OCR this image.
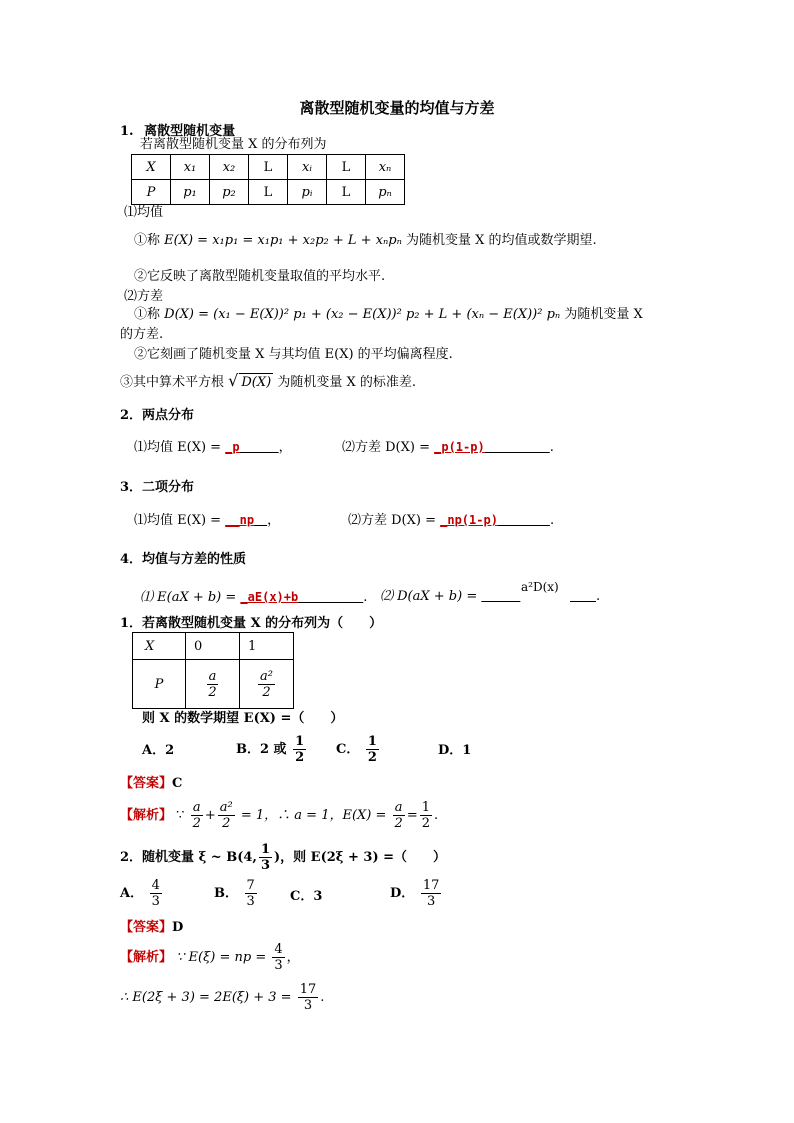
离散型随机变量的均值与方差
1. 离散型随机变量
若离散型随机变量 X 的分布列为
X	x₁	x₂	L	xᵢ	L	xₙ
P	p₁	p₂	L	pᵢ	L	pₙ
⑴均值
①称 E(X) = x₁p₁ = x₁p₁ + x₂p₂ + L + xₙpₙ 为随机变量 X 的均值或数学期望.
②它反映了离散型随机变量取值的平均水平.
⑵方差
①称 D(X) = (x₁ − E(X))² p₁ + (x₂ − E(X))² p₂ + L + (xₙ − E(X))² pₙ 为随机变量 X
的方差.
②它刻画了随机变量 X 与其均值 E(X) 的平均偏离程度.
③其中算术平方根 √ D(X) 为随机变量 X 的标准差.
2．两点分布
⑴均值 E(X) = _p​　　　，	⑵方差 D(X) = _p(1-p)​　　　　　.
3．二项分布
⑴均值 E(X) = __np​　，	⑵方差 D(X) = _np(1-p)​　　　　.
4．均值与方差的性质
⑴ E(aX + b) = _aE(x)+b​　　　　　. ⑵ D(aX + b) = ​　　　
a²D(x)
​　　.
1．若离散型随机变量 X 的分布列为（　　）
X	0	1
P	$\frac{a}{2}$	$\frac{\text{a²}}{2}$
则 X 的数学期望 E(X) =（　　）
A．2	B．2 或 $\frac{1}{2}$ C． $\frac{1}{2}$	D．1
【答案】C
【解析】 ∵ $\frac{a}{2} + \frac{\text{a²}}{2} = 1$，∴ a = 1，$E(X) = \frac{a}{2} = \frac{1}{2}$ .
2．随机变量 ξ ~ B(4, $\frac{1}{3}$ )，则 E(2ξ + 3) =（　　）
A． $\frac{4}{3}$	B． $\frac{7}{3}$	C．3	D． $\frac{17}{3}$
【答案】D
【解析】 ∵ E(ξ) = np = $\frac{4}{3}$ ，
∴ $E(2\xi + 3) = 2E(\xi) + 3 = \frac{17}{3}$ .
